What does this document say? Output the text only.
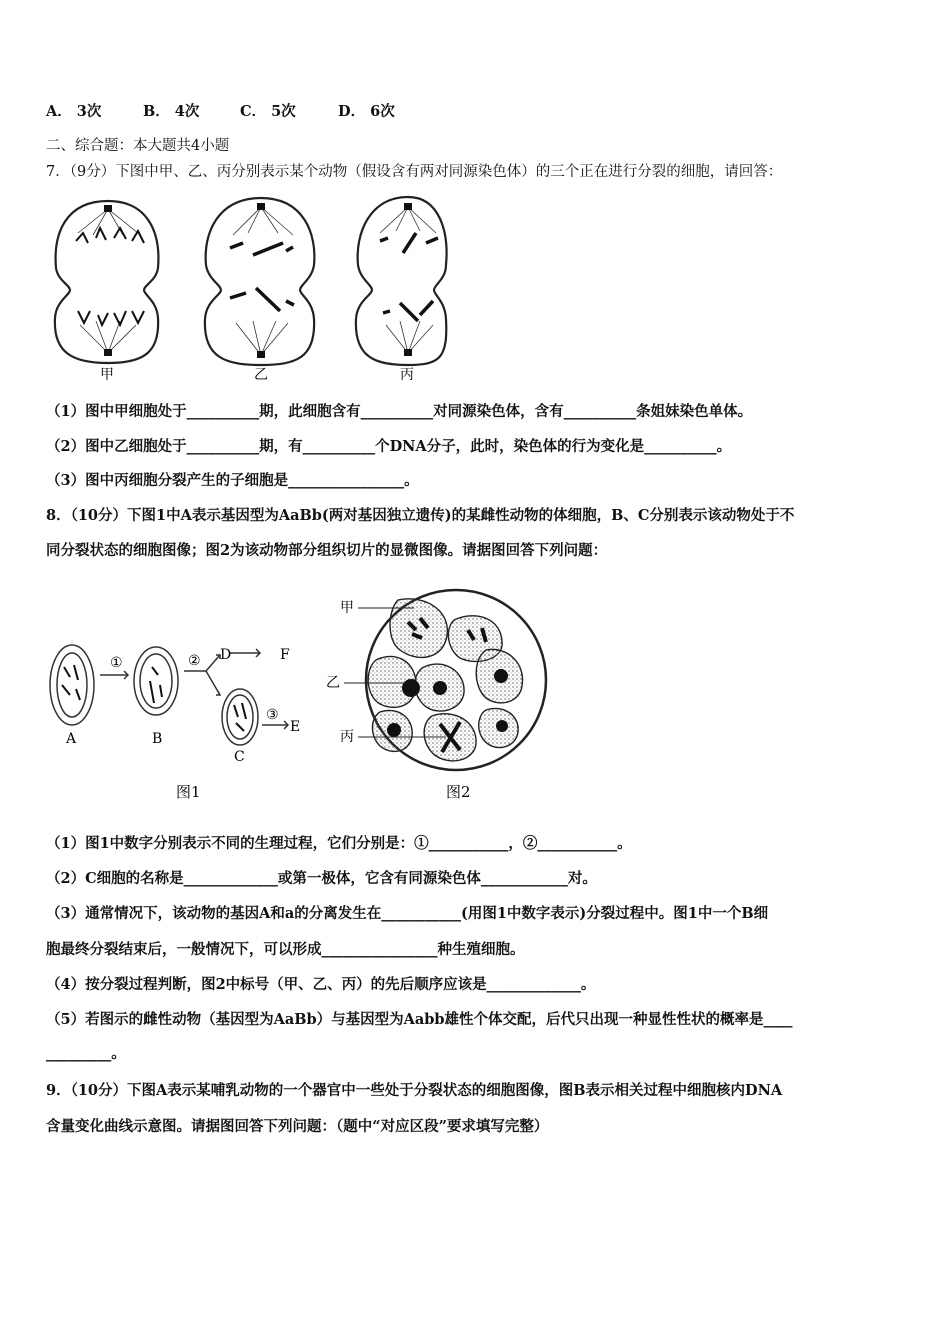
A． 3次	B． 4次	C． 5次	D． 6次
二、综合题：本大题共4小题
7．（9分）下图中甲、乙、丙分别表示某个动物（假设含有两对同源染色体）的三个正在进行分裂的细胞，请回答：
甲	乙	丙
（1）图中甲细胞处于__________期，此细胞含有__________对同源染色体，含有__________条姐妹染色单体。
（2）图中乙细胞处于__________期，有__________个DNA分子，此时，染色体的行为变化是__________。
（3）图中丙细胞分裂产生的子细胞是________________。
8．（10分）下图1中A表示基因型为AaBb(两对基因独立遗传)的某雌性动物的体细胞，B、C分别表示该动物处于不
同分裂状态的细胞图像；图2为该动物部分组织切片的显微图像。请据图回答下列问题：
①	②
③
A	B
C
D	F
E
图1
甲
乙
丙
图2
（1）图1中数字分别表示不同的生理过程，它们分别是：①___________，②___________。
（2）C细胞的名称是_____________或第一极体，它含有同源染色体____________对。
（3）通常情况下，该动物的基因A和a的分离发生在___________(用图1中数字表示)分裂过程中。图1中一个B细
胞最终分裂结束后，一般情况下，可以形成________________种生殖细胞。
（4）按分裂过程判断，图2中标号（甲、乙、丙）的先后顺序应该是_____________。
（5）若图示的雌性动物（基因型为AaBb）与基因型为Aabb雄性个体交配，后代只出现一种显性性状的概率是____
_________。
9．（10分）下图A表示某哺乳动物的一个器官中一些处于分裂状态的细胞图像，图B表示相关过程中细胞核内DNA
含量变化曲线示意图。请据图回答下列问题：（题中“对应区段”要求填写完整）
